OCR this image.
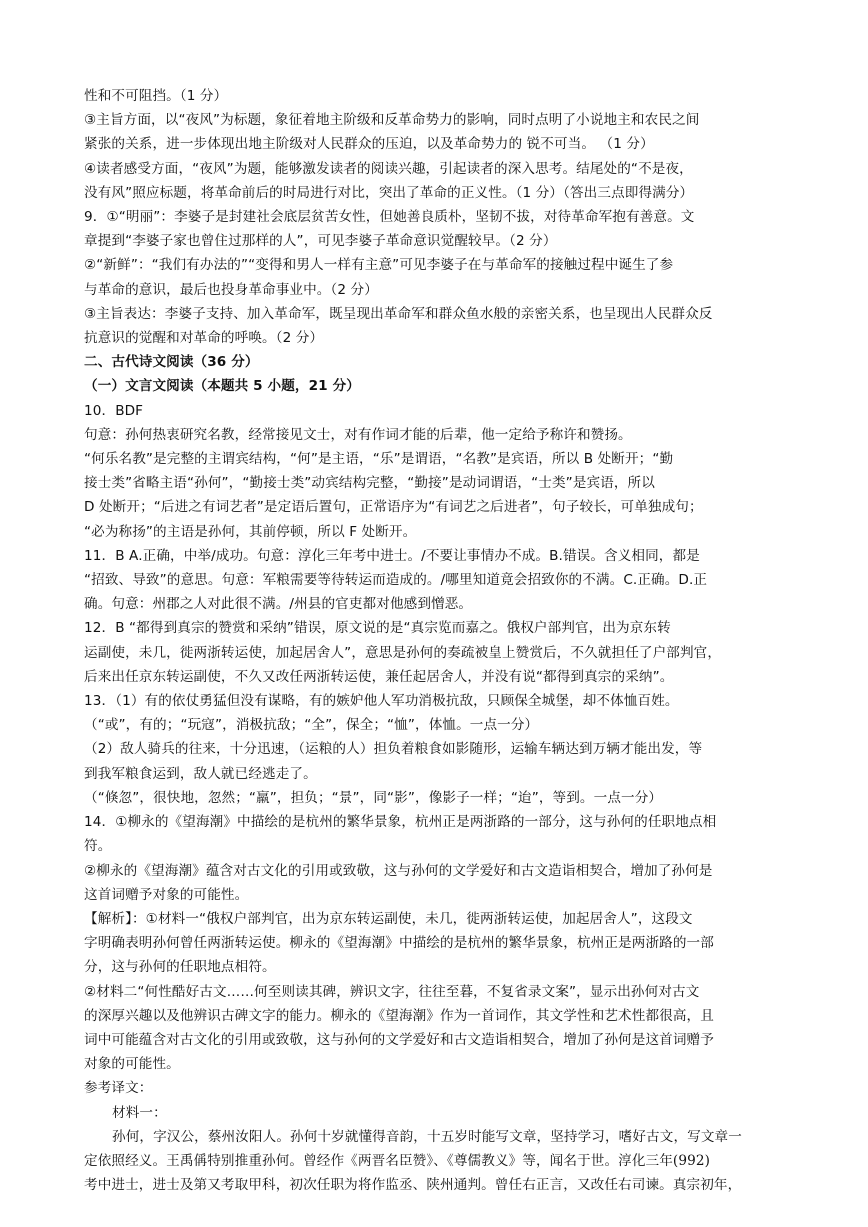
性和不可阻挡。（1 分）
③主旨方面，以“夜风”为标题，象征着地主阶级和反革命势力的影响，同时点明了小说地主和农民之间
紧张的关系，进一步体现出地主阶级对人民群众的压迫，以及革命势力的 锐不可当。 （1 分）
④读者感受方面，“夜风”为题，能够激发读者的阅读兴趣，引起读者的深入思考。结尾处的“不是夜，
没有风”照应标题，将革命前后的时局进行对比，突出了革命的正义性。（1 分）（答出三点即得满分）
9．①“明丽”：李婆子是封建社会底层贫苦女性，但她善良质朴，坚韧不拔，对待革命军抱有善意。文
章提到“李婆子家也曾住过那样的人”，可见李婆子革命意识觉醒较早。（2 分）
②“新鲜”：“我们有办法的”“变得和男人一样有主意”可见李婆子在与革命军的接触过程中诞生了参
与革命的意识，最后也投身革命事业中。（2 分）
③主旨表达：李婆子支持、加入革命军，既呈现出革命军和群众鱼水般的亲密关系，也呈现出人民群众反
抗意识的觉醒和对革命的呼唤。（2 分）
二、古代诗文阅读（36 分）
（一）文言文阅读（本题共 5 小题，21 分）
10．BDF
句意：孙何热衷研究名教，经常接见文士，对有作词才能的后辈，他一定给予称许和赞扬。
“何乐名教”是完整的主谓宾结构，“何”是主语，“乐”是谓语，“名教”是宾语，所以 B 处断开；“勤
接士类”省略主语“孙何”，“勤接士类”动宾结构完整，“勤接”是动词谓语，“士类”是宾语，所以
D 处断开；“后进之有词艺者”是定语后置句，正常语序为“有词艺之后进者”，句子较长，可单独成句；
“必为称扬”的主语是孙何，其前停顿，所以 F 处断开。
11．B A.正确，中举/成功。句意：淳化三年考中进士。/不要让事情办不成。B.错误。含义相同，都是
“招致、导致”的意思。句意：军粮需要等待转运而造成的。/哪里知道竟会招致你的不满。C.正确。D.正
确。句意：州郡之人对此很不满。/州县的官吏都对他感到憎恶。
12．B “都得到真宗的赞赏和采纳”错误，原文说的是“真宗览而嘉之。俄权户部判官，出为京东转
运副使，未几，徙两浙转运使，加起居舍人”，意思是孙何的奏疏被皇上赞赏后，不久就担任了户部判官，
后来出任京东转运副使，不久又改任两浙转运使，兼任起居舍人，并没有说“都得到真宗的采纳”。
13．（1）有的依仗勇猛但没有谋略，有的嫉妒他人军功消极抗敌，只顾保全城堡，却不体恤百姓。
（“或”，有的；“玩寇”，消极抗敌；“全”，保全；“恤”，体恤。一点一分）
（2）敌人骑兵的往来，十分迅速，（运粮的人）担负着粮食如影随形，运输车辆达到万辆才能出发，等
到我军粮食运到，敌人就已经逃走了。
（“倏忽”，很快地，忽然；“羸”，担负；“景”，同“影”，像影子一样；“迨”，等到。一点一分）
14．①柳永的《望海潮》中描绘的是杭州的繁华景象，杭州正是两浙路的一部分，这与孙何的任职地点相
符。
②柳永的《望海潮》蕴含对古文化的引用或致敬，这与孙何的文学爱好和古文造诣相契合，增加了孙何是
这首词赠予对象的可能性。
【解析】：①材料一“俄权户部判官，出为京东转运副使，未几，徙两浙转运使，加起居舍人”，这段文
字明确表明孙何曾任两浙转运使。柳永的《望海潮》中描绘的是杭州的繁华景象，杭州正是两浙路的一部
分，这与孙何的任职地点相符。
②材料二“何性酷好古文……何至则读其碑，辨识文字，往往至暮，不复省录文案”，显示出孙何对古文
的深厚兴趣以及他辨识古碑文字的能力。柳永的《望海潮》作为一首词作，其文学性和艺术性都很高，且
词中可能蕴含对古文化的引用或致敬，这与孙何的文学爱好和古文造诣相契合，增加了孙何是这首词赠予
对象的可能性。
参考译文：
材料一：
孙何，字汉公，蔡州汝阳人。孙何十岁就懂得音韵，十五岁时能写文章，坚持学习，嗜好古文，写文章一
定依照经义。王禹偁特别推重孙何。曾经作《两晋名臣赞》、《尊儒教义》等，闻名于世。淳化三年(992)
考中进士，进士及第又考取甲科，初次任职为将作监丞、陕州通判。曾任右正言，又改任右司谏。真宗初年，
